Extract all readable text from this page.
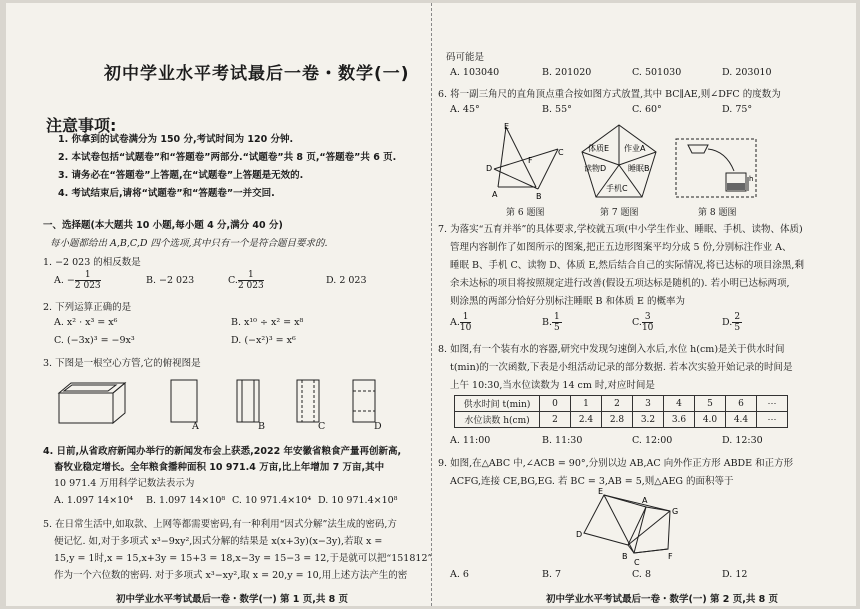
初中学业水平考试最后一卷・数学(一)
注意事项:
1. 你拿到的试卷满分为 150 分,考试时间为 120 分钟.
2. 本试卷包括“试题卷”和“答题卷”两部分.“试题卷”共 8 页,“答题卷”共 6 页.
3. 请务必在“答题卷”上答题,在“试题卷”上答题是无效的.
4. 考试结束后,请将“试题卷”和“答题卷”一并交回.
一、选择题(本大题共 10 小题,每小题 4 分,满分 40 分)
每小题都给出 A,B,C,D 四个选项,其中只有一个是符合题目要求的.
1. −2 023 的相反数是
A. − $\frac{1}{2 023}$	B. −2 023	C. $\frac{1}{2 023}$	D. 2 023
2. 下列运算正确的是
A. x² · x³ = x⁶	B. x¹⁰ ÷ x² = x⁸
C. (−3x)³ = −9x³	D. (−x²)³ = x⁶
3. 下图是一根空心方管,它的俯视图是
A	B	C	D
4. 日前,从省政府新闻办举行的新闻发布会上获悉,2022 年安徽省粮食产量再创新高,
畜牧业稳定增长。全年粮食播种面积 10 971.4 万亩,比上年增加 7 万亩,其中
10 971.4 万用科学记数法表示为
A. 1.097 14×10⁴ B. 1.097 14×10⁸ C. 10 971.4×10⁴ D. 10 971.4×10⁸
5. 在日常生活中,如取款、上网等都需要密码,有一种利用“因式分解”法生成的密码,方
便记忆. 如,对于多项式 x³−9xy²,因式分解的结果是 x(x+3y)(x−3y),若取 x =
15,y = 1时,x = 15,x+3y = 15+3 = 18,x−3y = 15−3 = 12,于是就可以把“151812”
作为一个六位数的密码. 对于多项式 x³−xy²,取 x = 20,y = 10,用上述方法产生的密
初中学业水平考试最后一卷・数学(一) 第 1 页,共 8 页
码可能是
A. 103040	B. 201020	C. 501030	D. 203010
6. 将一副三角尺的直角顶点重合按如图方式放置,其中 BC∥AE,则∠DFC 的度数为
A. 45°	B. 55°	C. 60°	D. 75°
E
F
D
C
A	B
第 6 题图
体质E 作业A
读物D	睡眠B
手机C
第 7 题图
h
第 8 题图
7. 为落实“五育并举”的具体要求,学校就五项(中小学生作业、睡眠、手机、读物、体质)
管理内容制作了如图所示的图案,把正五边形图案平均分成 5 份,分别标注作业 A、
睡眠 B、手机 C、读物 D、体质 E,然后结合自己的实际情况,将已达标的项目涂黑,剩
余未达标的项目将按照规定进行改善(假设五项达标是随机的). 若小明已达标两项,
则涂黑的两部分恰好分别标注睡眠 B 和体质 E 的概率为
A. $\frac{1}{10}$	B. $\frac{1}{5}$	C. $\frac{3}{10}$	D. $\frac{2}{5}$
8. 如图,有一个装有水的容器,研究中发现匀速倒入水后,水位 h(cm)是关于供水时间
t(min)的一次函数,下表是小组活动记录的部分数据. 若本次实验开始记录的时间是
上午 10:30,当水位读数为 14 cm 时,对应时间是
供水时间 t(min)	0	1	2	3	4	5	6	⋯
水位读数 h(cm)	2	2.4	2.8	3.2	3.6	4.0	4.4	⋯
A. 11:00	B. 11:30	C. 12:00	D. 12:30
9. 如图,在△ABC 中,∠ACB = 90°,分别以边 AB,AC 向外作正方形 ABDE 和正方形
ACFG,连接 CE,BG,EG. 若 BC = 3,AB = 5,则△AEG 的面积等于
E
A
G
D
B
C
F
A. 6	B. 7	C. 8	D. 12
初中学业水平考试最后一卷・数学(一) 第 2 页,共 8 页
